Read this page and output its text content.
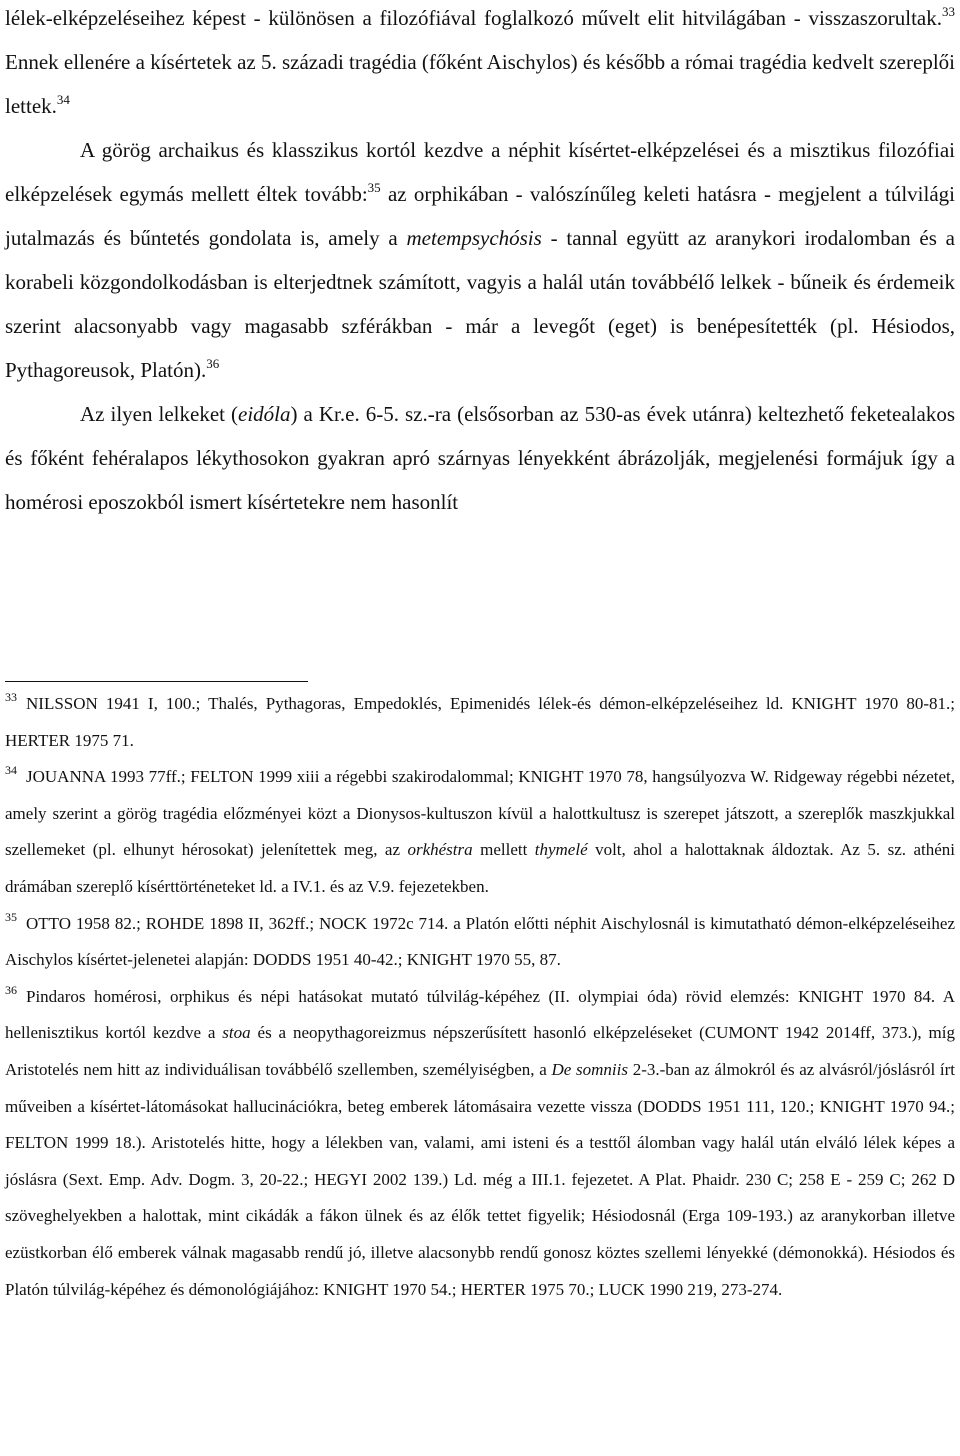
lélek-elképzeléseihez képest - különösen a filozófiával foglalkozó művelt elit hitvilágában - visszaszorultak.$^{33}$ Ennek ellenére a kísértetek az 5. századi tragédia (főként Aischylos) és később a római tragédia kedvelt szereplői lettek.$^{34}$

A görög archaikus és klasszikus kortól kezdve a néphit kísértet-elképzelései és a misztikus filozófiai elképzelések egymás mellett éltek tovább:$^{35}$ az orphikában - valószínűleg keleti hatásra - megjelent a túlvilági jutalmazás és bűntetés gondolata is, amely a metempsychósis - tannal együtt az aranykori irodalomban és a korabeli közgondolkodásban is elterjedtnek számított, vagyis a halál után továbbélő lelkek - bűneik és érdemeik szerint alacsonyabb vagy magasabb szférákban - már a levegőt (eget) is benépesítették (pl. Hésiodos, Pythagoreusok, Platón).$^{36}$

Az ilyen lelkeket (eidóla) a Kr.e. 6-5. sz.-ra (elsősorban az 530-as évek utánra) keltezhető feketealakos és főként fehéralapos lékythosokon gyakran apró szárnyas lényekként ábrázolják, megjelenési formájuk így a homérosi eposzokból ismert kísértetekre nem hasonlít

$^{33}$ NILSSON 1941 I, 100.; Thalés, Pythagoras, Empedoklés, Epimenidés lélek-és démon-elképzeléseihez ld. KNIGHT 1970 80-81.; HERTER 1975 71.

$^{34}$ JOUANNA 1993 77ff.; FELTON 1999 xiii a régebbi szakirodalommal; KNIGHT 1970 78, hangsúlyozva W. Ridgeway régebbi nézetet, amely szerint a görög tragédia előzményei közt a Dionysos-kultuszon kívül a halottkultusz is szerepet játszott, a szereplők maszkjukkal szellemeket (pl. elhunyt hérosokat) jelenítettek meg, az orkhéstra mellett thymelé volt, ahol a halottaknak áldoztak. Az 5. sz. athéni drámában szereplő kísérttörténeteket ld. a IV.1. és az V.9. fejezetekben.

$^{35}$ OTTO 1958 82.; ROHDE 1898 II, 362ff.; NOCK 1972c 714. a Platón előtti néphit Aischylosnál is kimutatható démon-elképzeléseihez Aischylos kísértet-jelenetei alapján: DODDS 1951 40-42.; KNIGHT 1970 55, 87.

$^{36}$ Pindaros homérosi, orphikus és népi hatásokat mutató túlvilág-képéhez (II. olympiai óda) rövid elemzés: KNIGHT 1970 84. A hellenisztikus kortól kezdve a stoa és a neopythagoreizmus népszerűsített hasonló elképzeléseket (CUMONT 1942 2014ff, 373.), míg Aristotelés nem hitt az individuálisan továbbélő szellemben, személyiségben, a De somniis 2-3.-ban az álmokról és az alvásról/jóslásról írt műveiben a kísértet-látomásokat hallucinációkra, beteg emberek látomásaira vezette vissza (DODDS 1951 111, 120.; KNIGHT 1970 94.; FELTON 1999 18.). Aristotelés hitte, hogy a lélekben van, valami, ami isteni és a testtől álomban vagy halál után elváló lélek képes a jóslásra (Sext. Emp. Adv. Dogm. 3, 20-22.; HEGYI 2002 139.) Ld. még a III.1. fejezetet. A Plat. Phaidr. 230 C; 258 E - 259 C; 262 D szöveghelyekben a halottak, mint cikádák a fákon ülnek és az élők tettet figyelik; Hésiodosnál (Erga 109-193.) az aranykorban illetve ezüstkorban élő emberek válnak magasabb rendű jó, illetve alacsonybb rendű gonosz köztes szellemi lényekké (démonokká). Hésiodos és Platón túlvilág-képéhez és démonológiájához: KNIGHT 1970 54.; HERTER 1975 70.; LUCK 1990 219, 273-274.
